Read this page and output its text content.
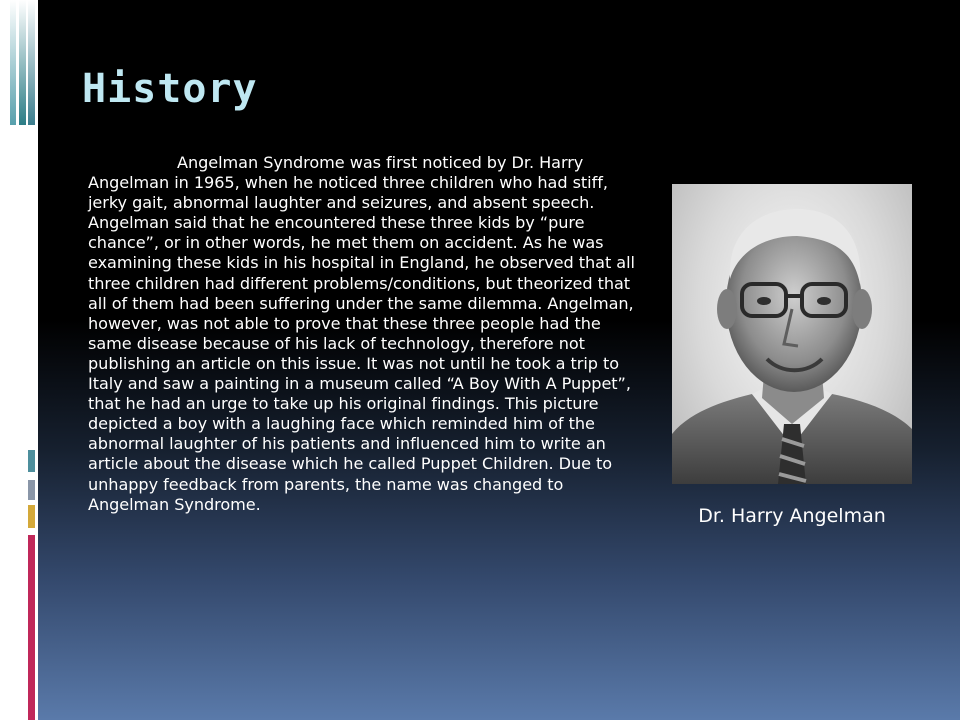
History

Angelman Syndrome was first noticed by Dr. Harry Angelman in 1965, when he noticed three children who had stiff, jerky gait, abnormal laughter and seizures, and absent speech. Angelman said that he encountered these three kids by “pure chance”, or in other words, he met them on accident. As he was examining these kids in his hospital in England, he observed that all three children had different problems/conditions, but theorized that all of them had been suffering under the same dilemma. Angelman, however, was not able to prove that these three people had the same disease because of his lack of technology, therefore not publishing an article on this issue. It was not until he took a trip to Italy and saw a painting in a museum called “A Boy With A Puppet”, that he had an urge to take up his original findings. This picture depicted a boy with a laughing face which reminded him of the abnormal laughter of his patients and influenced him to write an article about the disease which he called Puppet Children. Due to unhappy feedback from parents, the name was changed to Angelman Syndrome.

Dr. Harry Angelman
